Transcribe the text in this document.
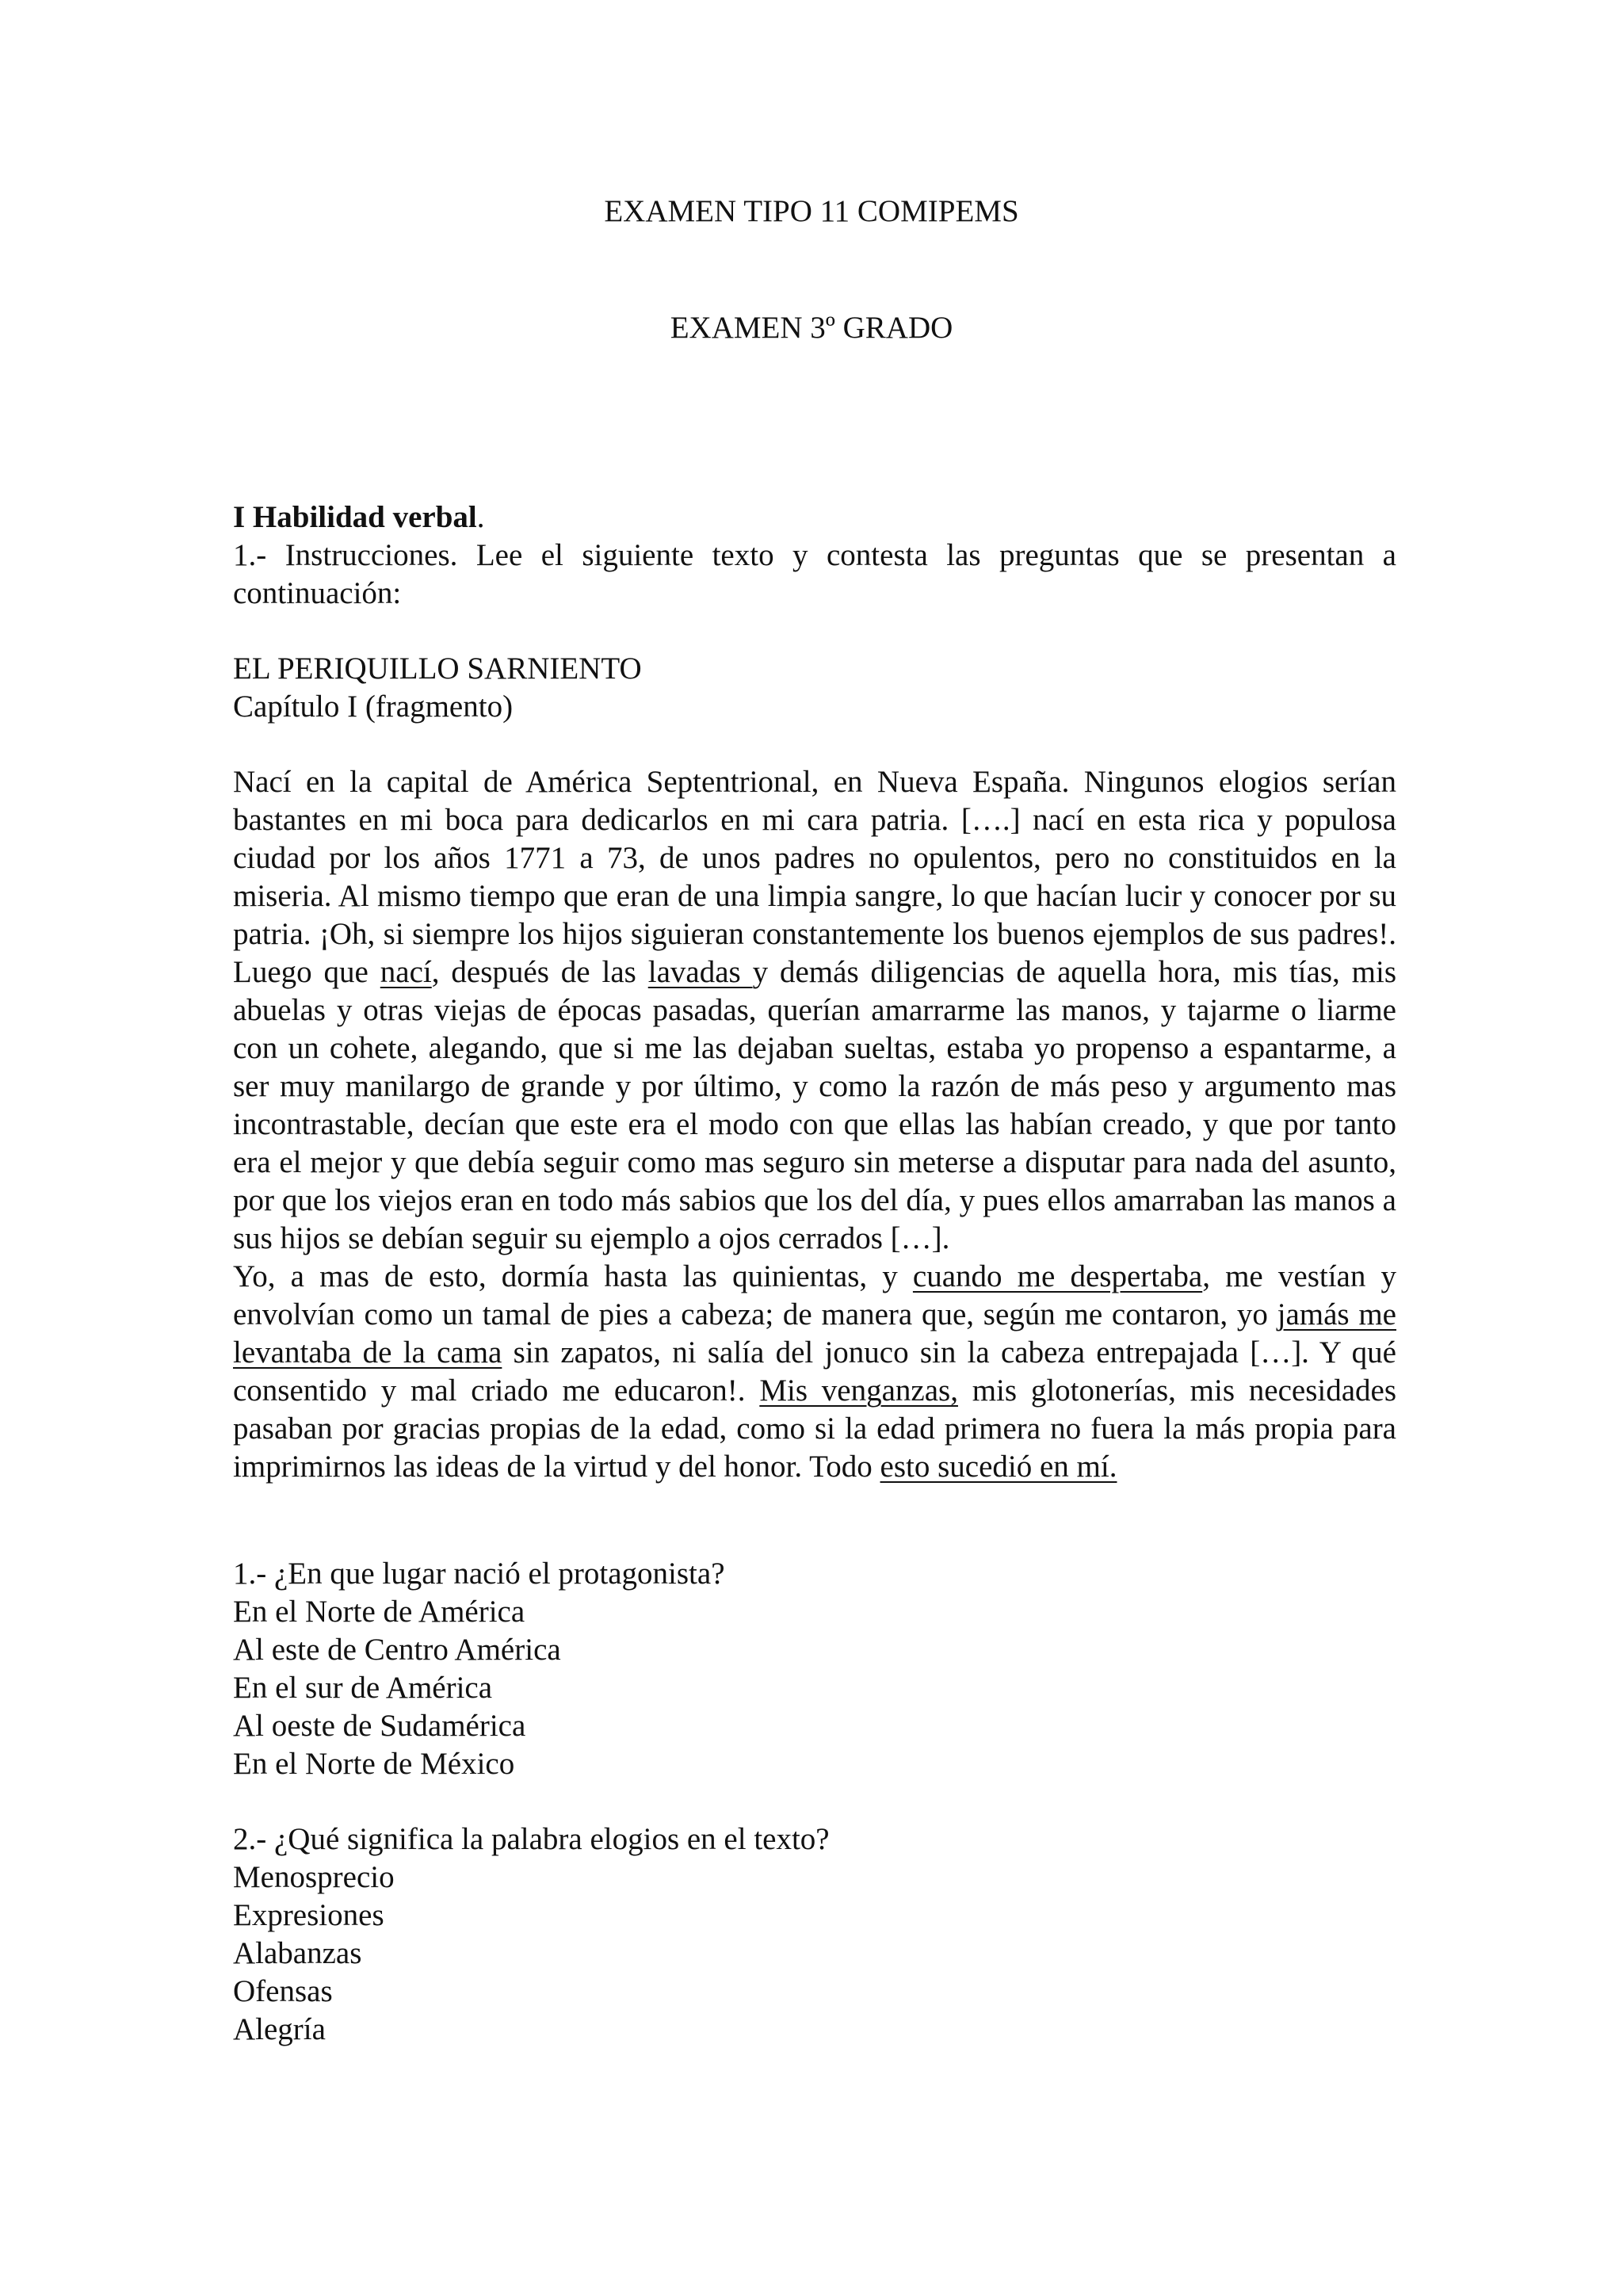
EXAMEN TIPO 11 COMIPEMS
EXAMEN 3º GRADO
I Habilidad verbal.
1.- Instrucciones. Lee el siguiente texto y contesta las preguntas que se presentan a continuación:
EL PERIQUILLO SARNIENTO
Capítulo I (fragmento)

Nací en la capital de América Septentrional, en Nueva España. Ningunos elogios serían bastantes en mi boca para dedicarlos en mi cara patria. [….] nací en esta rica y populosa ciudad por los años 1771 a 73, de unos padres no opulentos, pero no constituidos en la miseria. Al mismo tiempo que eran de una limpia sangre, lo que hacían lucir y conocer por su patria. ¡Oh, si siempre los hijos siguieran constantemente los buenos ejemplos de sus padres!. Luego que nací, después de las lavadas y demás diligencias de aquella hora, mis tías, mis abuelas y otras viejas de épocas pasadas, querían amarrarme las manos, y tajarme o liarme con un cohete, alegando, que si me las dejaban sueltas, estaba yo propenso a espantarme, a ser muy manilargo de grande y por último, y como la razón de más peso y argumento mas incontrastable, decían que este era el modo con que ellas las habían creado, y que por tanto era el mejor y que debía seguir como mas seguro sin meterse a disputar para nada del asunto, por que los viejos eran en todo más sabios que los del día, y pues ellos amarraban las manos a sus hijos se debían seguir su ejemplo a ojos cerrados […].

Yo, a mas de esto, dormía hasta las quinientas, y cuando me despertaba, me vestían y envolvían como un tamal de pies a cabeza; de manera que, según me contaron, yo jamás me levantaba de la cama sin zapatos, ni salía del jonuco sin la cabeza entrepajada […]. Y qué consentido y mal criado me educaron!. Mis venganzas, mis glotonerías, mis necesidades pasaban por gracias propias de la edad, como si la edad primera no fuera la más propia para imprimirnos las ideas de la virtud y del honor. Todo esto sucedió en mí.

1.- ¿En que lugar nació el protagonista?
En el Norte de América
Al este de Centro América
En el sur de América
Al oeste de Sudamérica
En el Norte de México
2.- ¿Qué significa la palabra elogios en el texto?
Menosprecio
Expresiones
Alabanzas
Ofensas
Alegría
